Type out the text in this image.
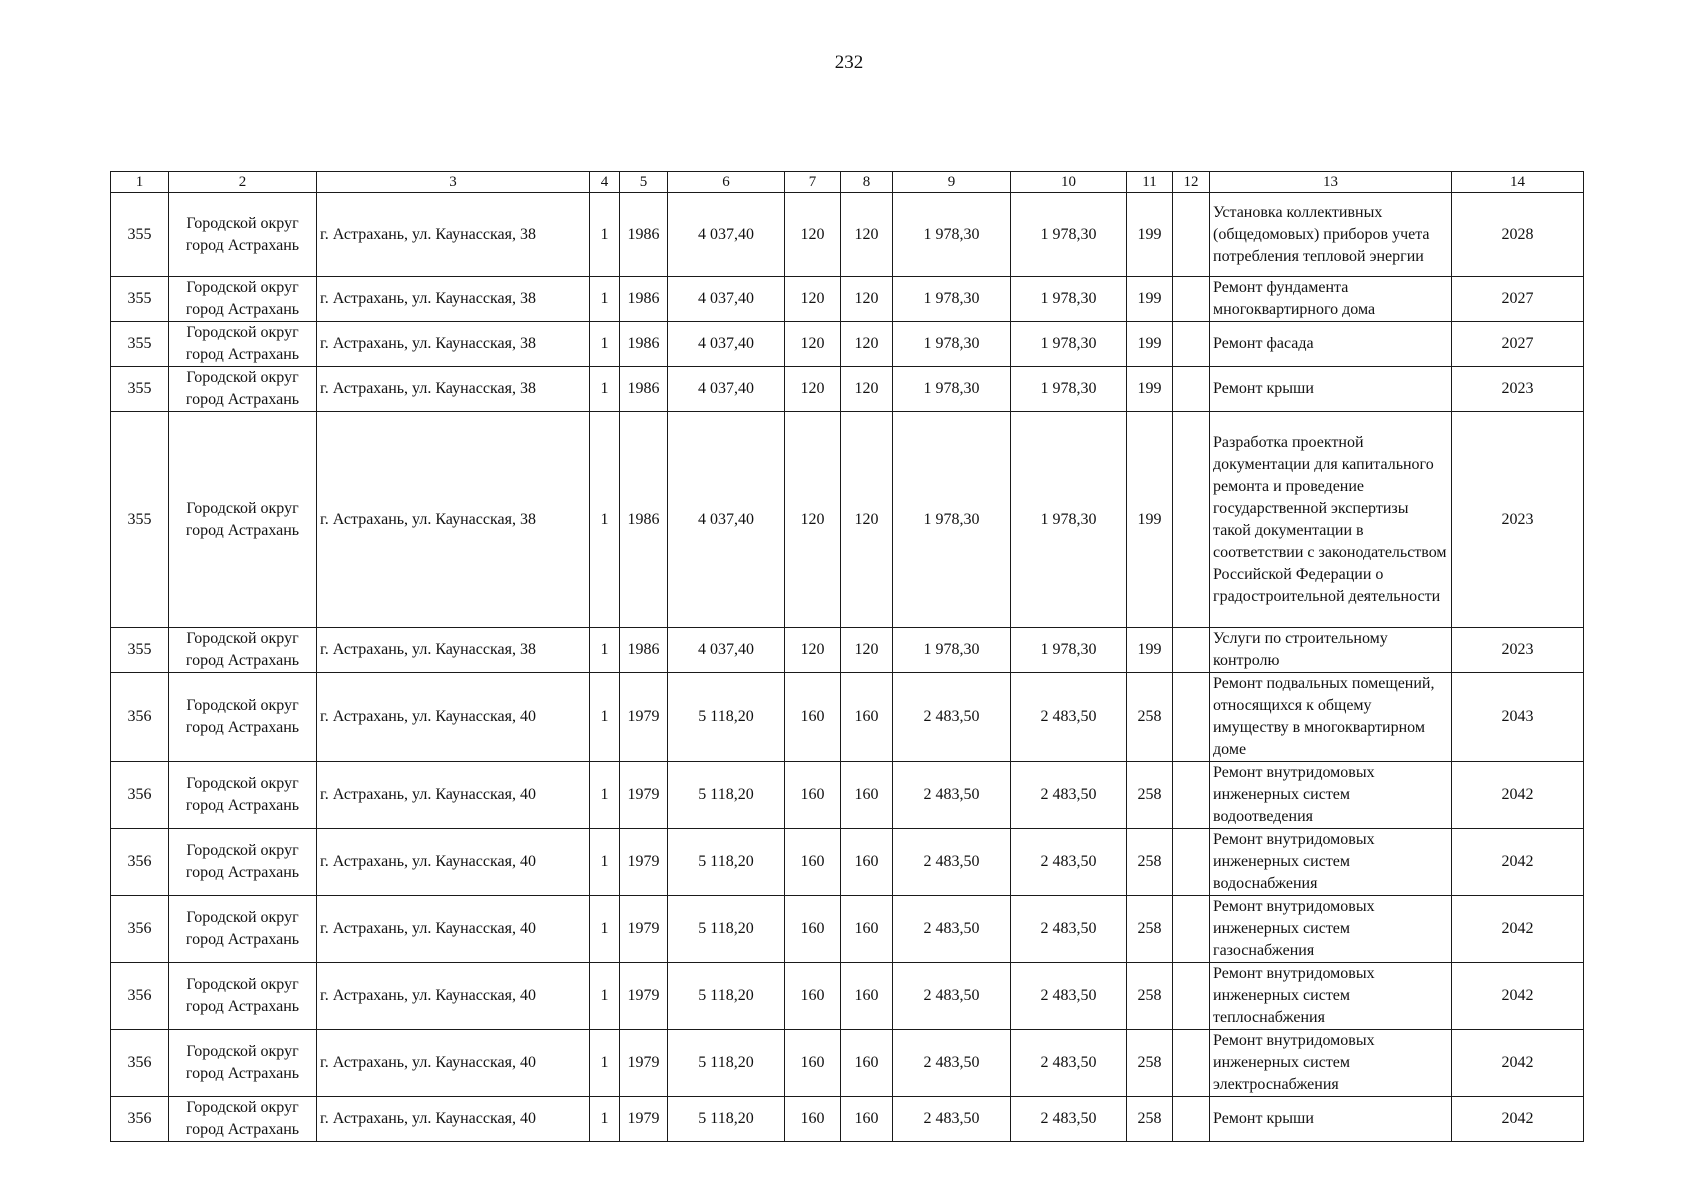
232
1	2	3	4	5	6	7	8	9	10	11	12	13	14
355	Городской округ город Астрахань	г. Астрахань, ул. Каунасская, 38	1	1986	4 037,40	120	120	1 978,30	1 978,30	199		Установка коллективных (общедомовых) приборов учета потребления тепловой энергии	2028
355	Городской округ город Астрахань	г. Астрахань, ул. Каунасская, 38	1	1986	4 037,40	120	120	1 978,30	1 978,30	199		Ремонт фундамента многоквартирного дома	2027
355	Городской округ город Астрахань	г. Астрахань, ул. Каунасская, 38	1	1986	4 037,40	120	120	1 978,30	1 978,30	199		Ремонт фасада	2027
355	Городской округ город Астрахань	г. Астрахань, ул. Каунасская, 38	1	1986	4 037,40	120	120	1 978,30	1 978,30	199		Ремонт крыши	2023
355	Городской округ город Астрахань	г. Астрахань, ул. Каунасская, 38	1	1986	4 037,40	120	120	1 978,30	1 978,30	199		Разработка проектной документации для капитального ремонта и проведение государственной экспертизы такой документации в соответствии с законодательством Российской Федерации о градостроительной деятельности	2023
355	Городской округ город Астрахань	г. Астрахань, ул. Каунасская, 38	1	1986	4 037,40	120	120	1 978,30	1 978,30	199		Услуги по строительному контролю	2023
356	Городской округ город Астрахань	г. Астрахань, ул. Каунасская, 40	1	1979	5 118,20	160	160	2 483,50	2 483,50	258		Ремонт подвальных помещений, относящихся к общему имуществу в многоквартирном доме	2043
356	Городской округ город Астрахань	г. Астрахань, ул. Каунасская, 40	1	1979	5 118,20	160	160	2 483,50	2 483,50	258		Ремонт внутридомовых инженерных систем водоотведения	2042
356	Городской округ город Астрахань	г. Астрахань, ул. Каунасская, 40	1	1979	5 118,20	160	160	2 483,50	2 483,50	258		Ремонт внутридомовых инженерных систем водоснабжения	2042
356	Городской округ город Астрахань	г. Астрахань, ул. Каунасская, 40	1	1979	5 118,20	160	160	2 483,50	2 483,50	258		Ремонт внутридомовых инженерных систем газоснабжения	2042
356	Городской округ город Астрахань	г. Астрахань, ул. Каунасская, 40	1	1979	5 118,20	160	160	2 483,50	2 483,50	258		Ремонт внутридомовых инженерных систем теплоснабжения	2042
356	Городской округ город Астрахань	г. Астрахань, ул. Каунасская, 40	1	1979	5 118,20	160	160	2 483,50	2 483,50	258		Ремонт внутридомовых инженерных систем электроснабжения	2042
356	Городской округ город Астрахань	г. Астрахань, ул. Каунасская, 40	1	1979	5 118,20	160	160	2 483,50	2 483,50	258		Ремонт крыши	2042
